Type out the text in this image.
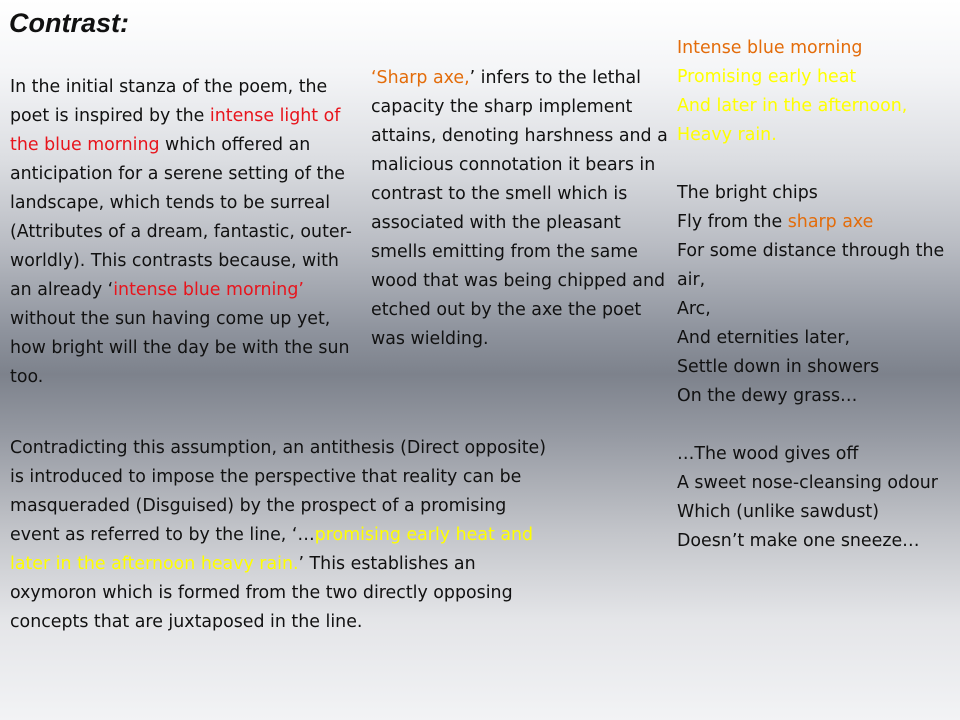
Contrast:
In the initial stanza of the poem, the poet is inspired by the intense light of the blue morning which offered an anticipation for a serene setting of the landscape, which tends to be surreal (Attributes of a dream, fantastic, outer-worldly). This contrasts because, with an already ‘intense blue morning’ without the sun having come up yet, how bright will the day be with the sun too.
‘Sharp axe,’ infers to the lethal capacity the sharp implement attains, denoting harshness and a malicious connotation it bears in contrast to the smell which is associated with the pleasant smells emitting from the same wood that was being chipped and etched out by the axe the poet was wielding.
Contradicting this assumption, an antithesis (Direct opposite) is introduced to impose the perspective that reality can be masqueraded (Disguised) by the prospect of a promising event as referred to by the line, ‘…promising early heat and later in the afternoon heavy rain.’ This establishes an oxymoron which is formed from the two directly opposing concepts that are juxtaposed in the line.

Intense blue morning

Promising early heat

And later in the afternoon,

Heavy rain.

The bright chips

Fly from the sharp axe

For some distance through the air,

Arc,

And eternities later,

Settle down in showers

On the dewy grass…

…The wood gives off

A sweet nose-cleansing odour

Which (unlike sawdust)

Doesn’t make one sneeze…
